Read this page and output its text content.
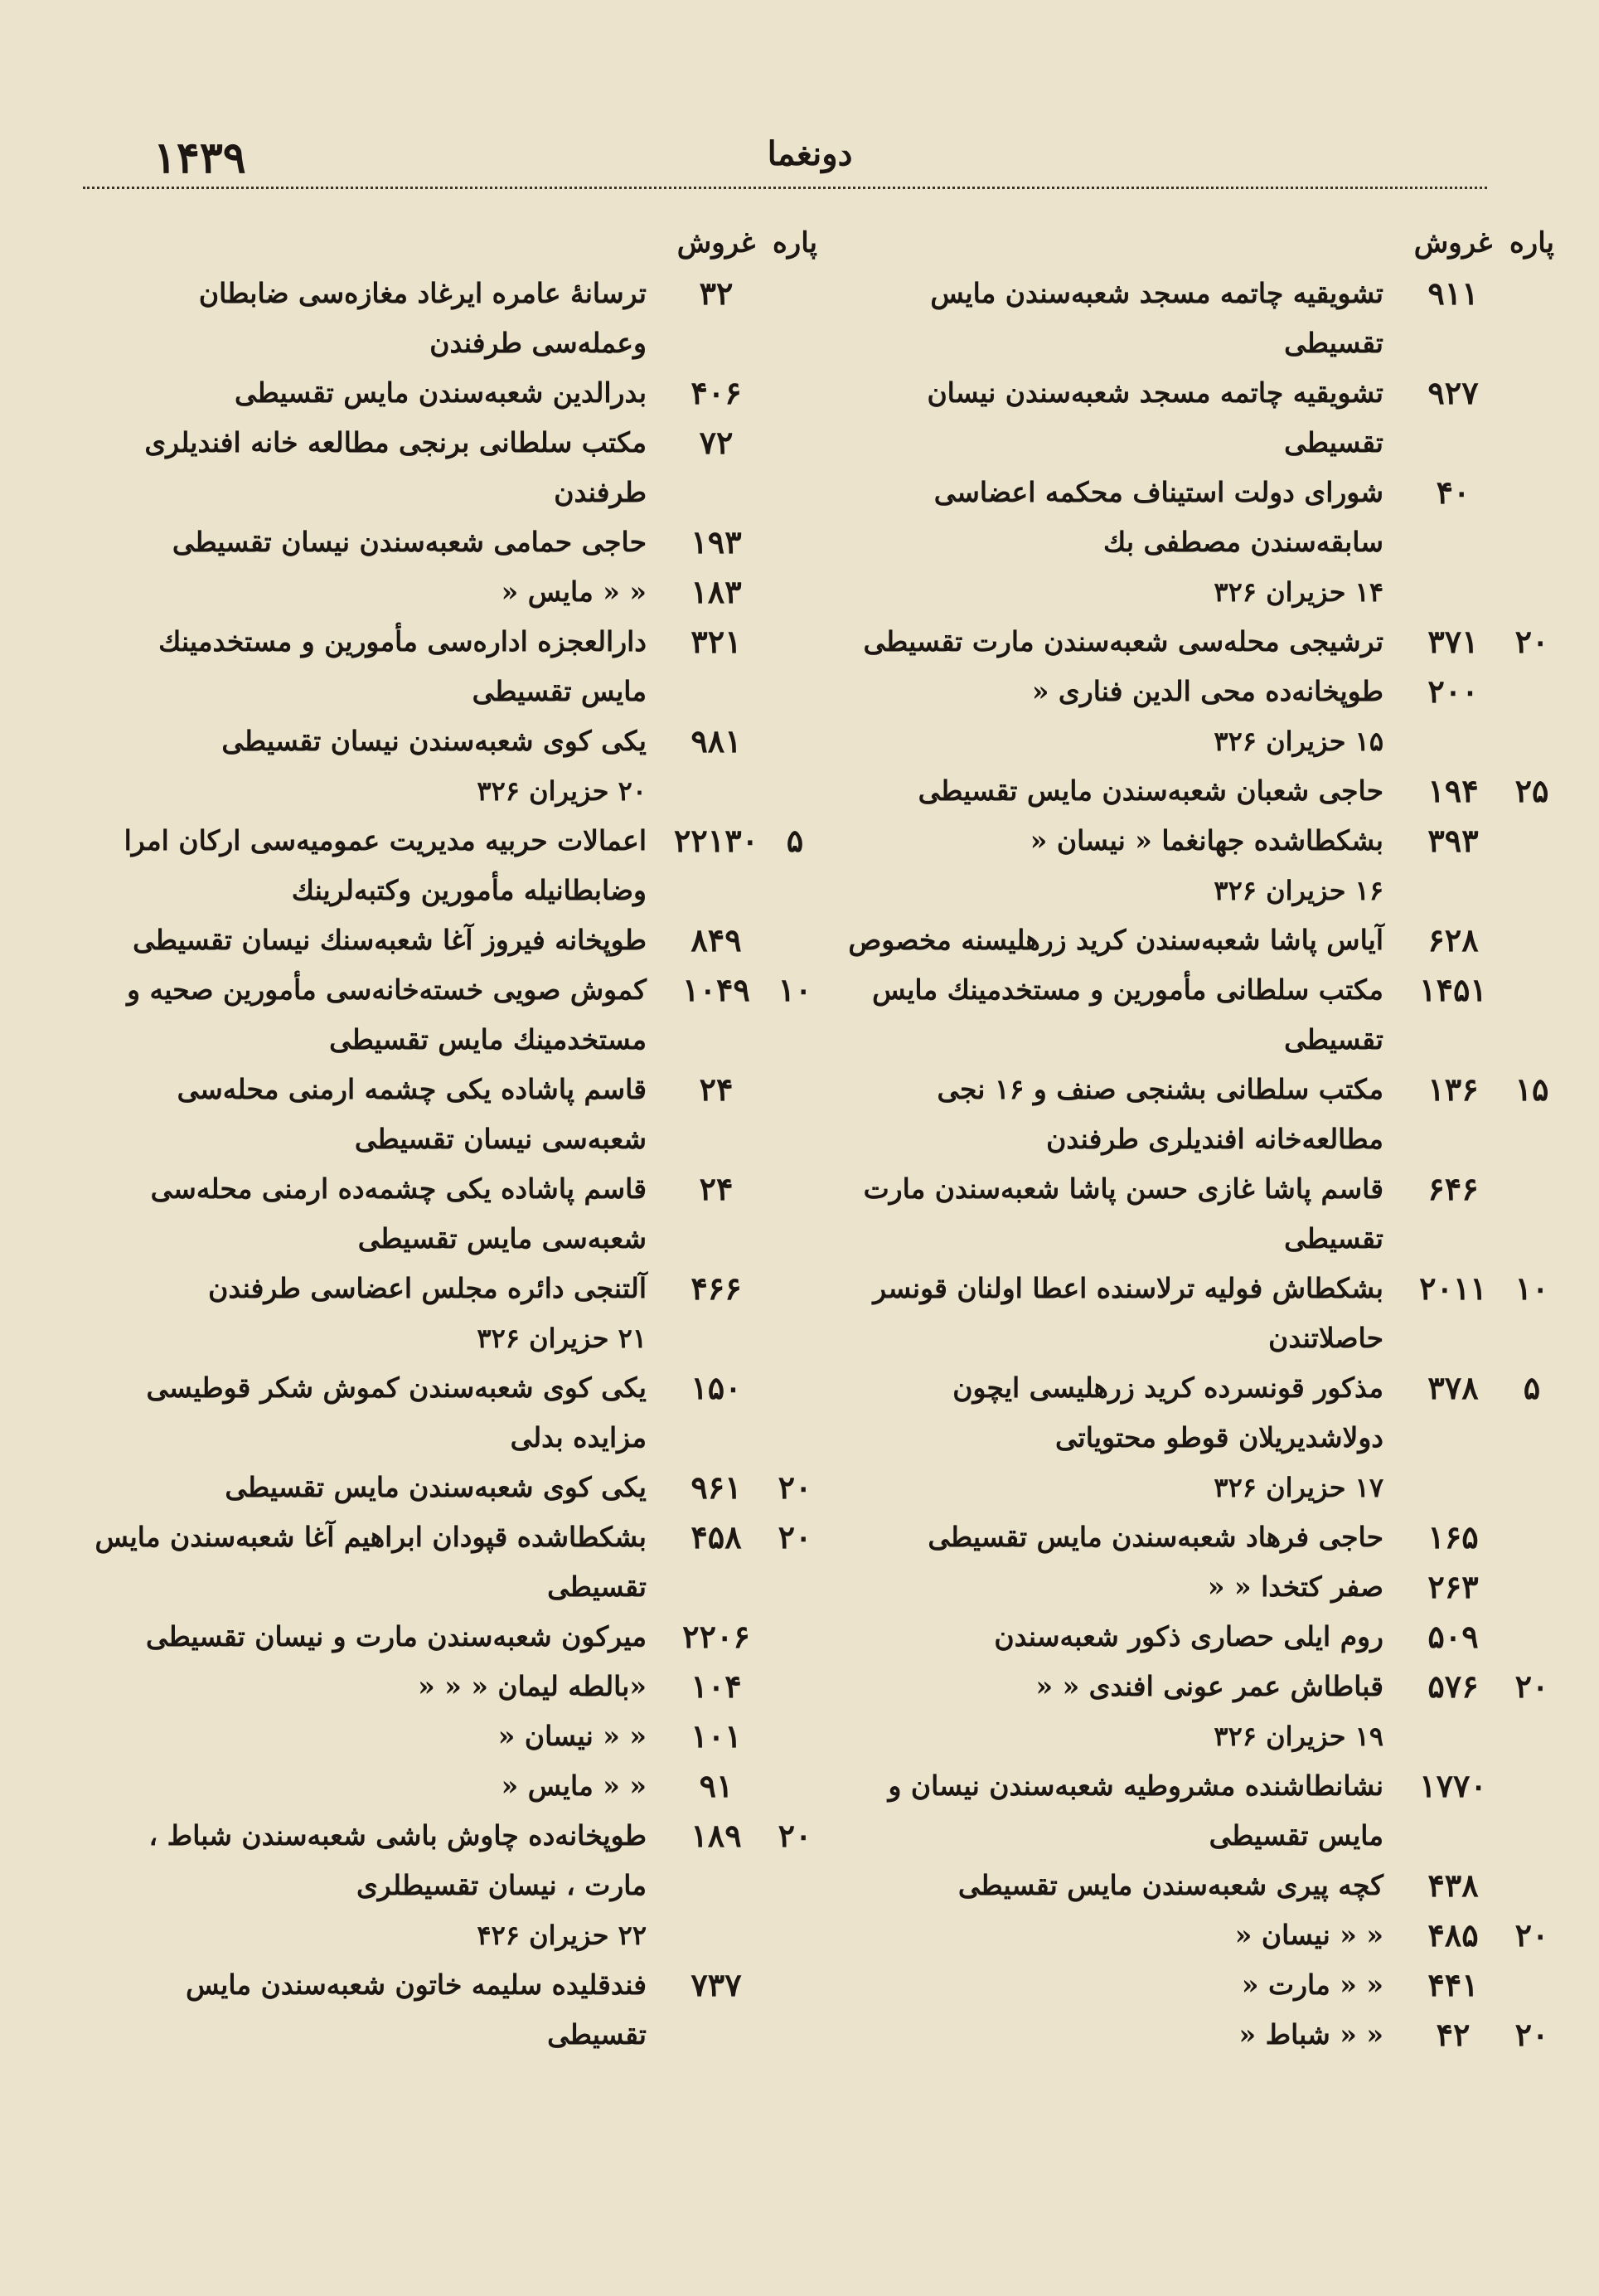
۱۴۳۹	دونغما
پاره
غروش
۹۱۱
تشویقیه چاتمه مسجد شعبه‌سندن مایس تقسیطی
۹۲۷
تشویقیه چاتمه مسجد شعبه‌سندن نیسان تقسیطی
۴۰
شورای دولت استیناف محکمه اعضاسی سابقه‌سندن مصطفی بك
۱۴ حزیران ۳۲۶
۲۰
۳۷۱
ترشیجی محله‌سی شعبه‌سندن مارت تقسیطی
۲۰۰
طوپخانه‌ده محی الدین فناری «
۱۵ حزیران ۳۲۶
۲۵
۱۹۴
حاجی شعبان شعبه‌سندن مایس تقسیطی
۳۹۳
بشکطاشده جهانغما « نیسان «
۱۶ حزیران ۳۲۶
۶۲۸
آیاس پاشا شعبه‌سندن کرید زرهلیسنه مخصوص
۱۴۵۱
مکتب سلطانی مأمورین و مستخدمینك مایس تقسیطی
۱۵
۱۳۶
مکتب سلطانی بشنجی صنف و ۱۶ نجی مطالعه‌خانه افندیلری طرفندن
۶۴۶
قاسم پاشا غازی حسن پاشا شعبه‌سندن مارت تقسیطی
۱۰
۲۰۱۱
بشکطاش فولیه ترلاسنده اعطا اولنان قونسر حاصلاتندن
۵
۳۷۸
مذکور قونسرده کرید زرهلیسی ایچون دولاشدیریلان قوطو محتویاتی
۱۷ حزیران ۳۲۶
۱۶۵
حاجی فرهاد شعبه‌سندن مایس تقسیطی
۲۶۳
صفر کتخدا « «
۵۰۹
روم ایلی حصاری ذکور شعبه‌سندن
۲۰
۵۷۶
قباطاش عمر عونی افندی « «
۱۹ حزیران ۳۲۶
۱۷۷۰
نشانطاشنده مشروطیه شعبه‌سندن نیسان و مایس تقسیطی
۴۳۸
کچه پیری شعبه‌سندن مایس تقسیطی
۲۰
۴۸۵
« « نیسان «
۴۴۱
« « مارت «
۲۰
۴۲
« « شباط «
پاره
غروش
۳۲
ترسانهٔ عامره ایرغاد مغازه‌سی ضابطان وعمله‌سی طرفندن
۴۰۶
بدرالدین شعبه‌سندن مایس تقسیطی
۷۲
مکتب سلطانی برنجی مطالعه خانه افندیلری طرفندن
۱۹۳
حاجی حمامی شعبه‌سندن نیسان تقسیطی
۱۸۳
« « مایس «
۳۲۱
دارالعجزه اداره‌سی مأمورین و مستخدمینك مایس تقسیطی
۹۸۱
یکی کوی شعبه‌سندن نیسان تقسیطی
۲۰ حزیران ۳۲۶
۵
۲۲۱۳۰
اعمالات حربیه مدیریت عمومیه‌سی ارکان امرا وضابطانیله مأمورین وکتبه‌لرینك
۸۴۹
طوپخانه فیروز آغا شعبه‌سنك نیسان تقسیطی
۱۰
۱۰۴۹
کموش صویی خسته‌خانه‌سی مأمورین صحیه و مستخدمینك مایس تقسیطی
۲۴
قاسم پاشاده یکی چشمه ارمنی محله‌سی شعبه‌سی نیسان تقسیطی
۲۴
قاسم پاشاده یکی چشمه‌ده ارمنی محله‌سی شعبه‌سی مایس تقسیطی
۴۶۶
آلتنجی دائره مجلس اعضاسی طرفندن
۲۱ حزیران ۳۲۶
۱۵۰
یکی کوی شعبه‌سندن کموش شکر قوطیسی مزایده بدلی
۲۰
۹۶۱
یکی کوی شعبه‌سندن مایس تقسیطی
۲۰
۴۵۸
بشکطاشده قپودان ابراهیم آغا شعبه‌سندن مایس تقسیطی
۲۲۰۶
میرکون شعبه‌سندن مارت و نیسان تقسیطی
۱۰۴
«بالطه لیمان « « «
۱۰۱
« « نیسان «
۹۱
« « مایس «
۲۰
۱۸۹
طوپخانه‌ده چاوش باشی شعبه‌سندن شباط ، مارت ، نیسان تقسیطلری
۲۲ حزیران ۴۲۶
۷۳۷
فندقلیده سلیمه خاتون شعبه‌سندن مایس تقسیطی
